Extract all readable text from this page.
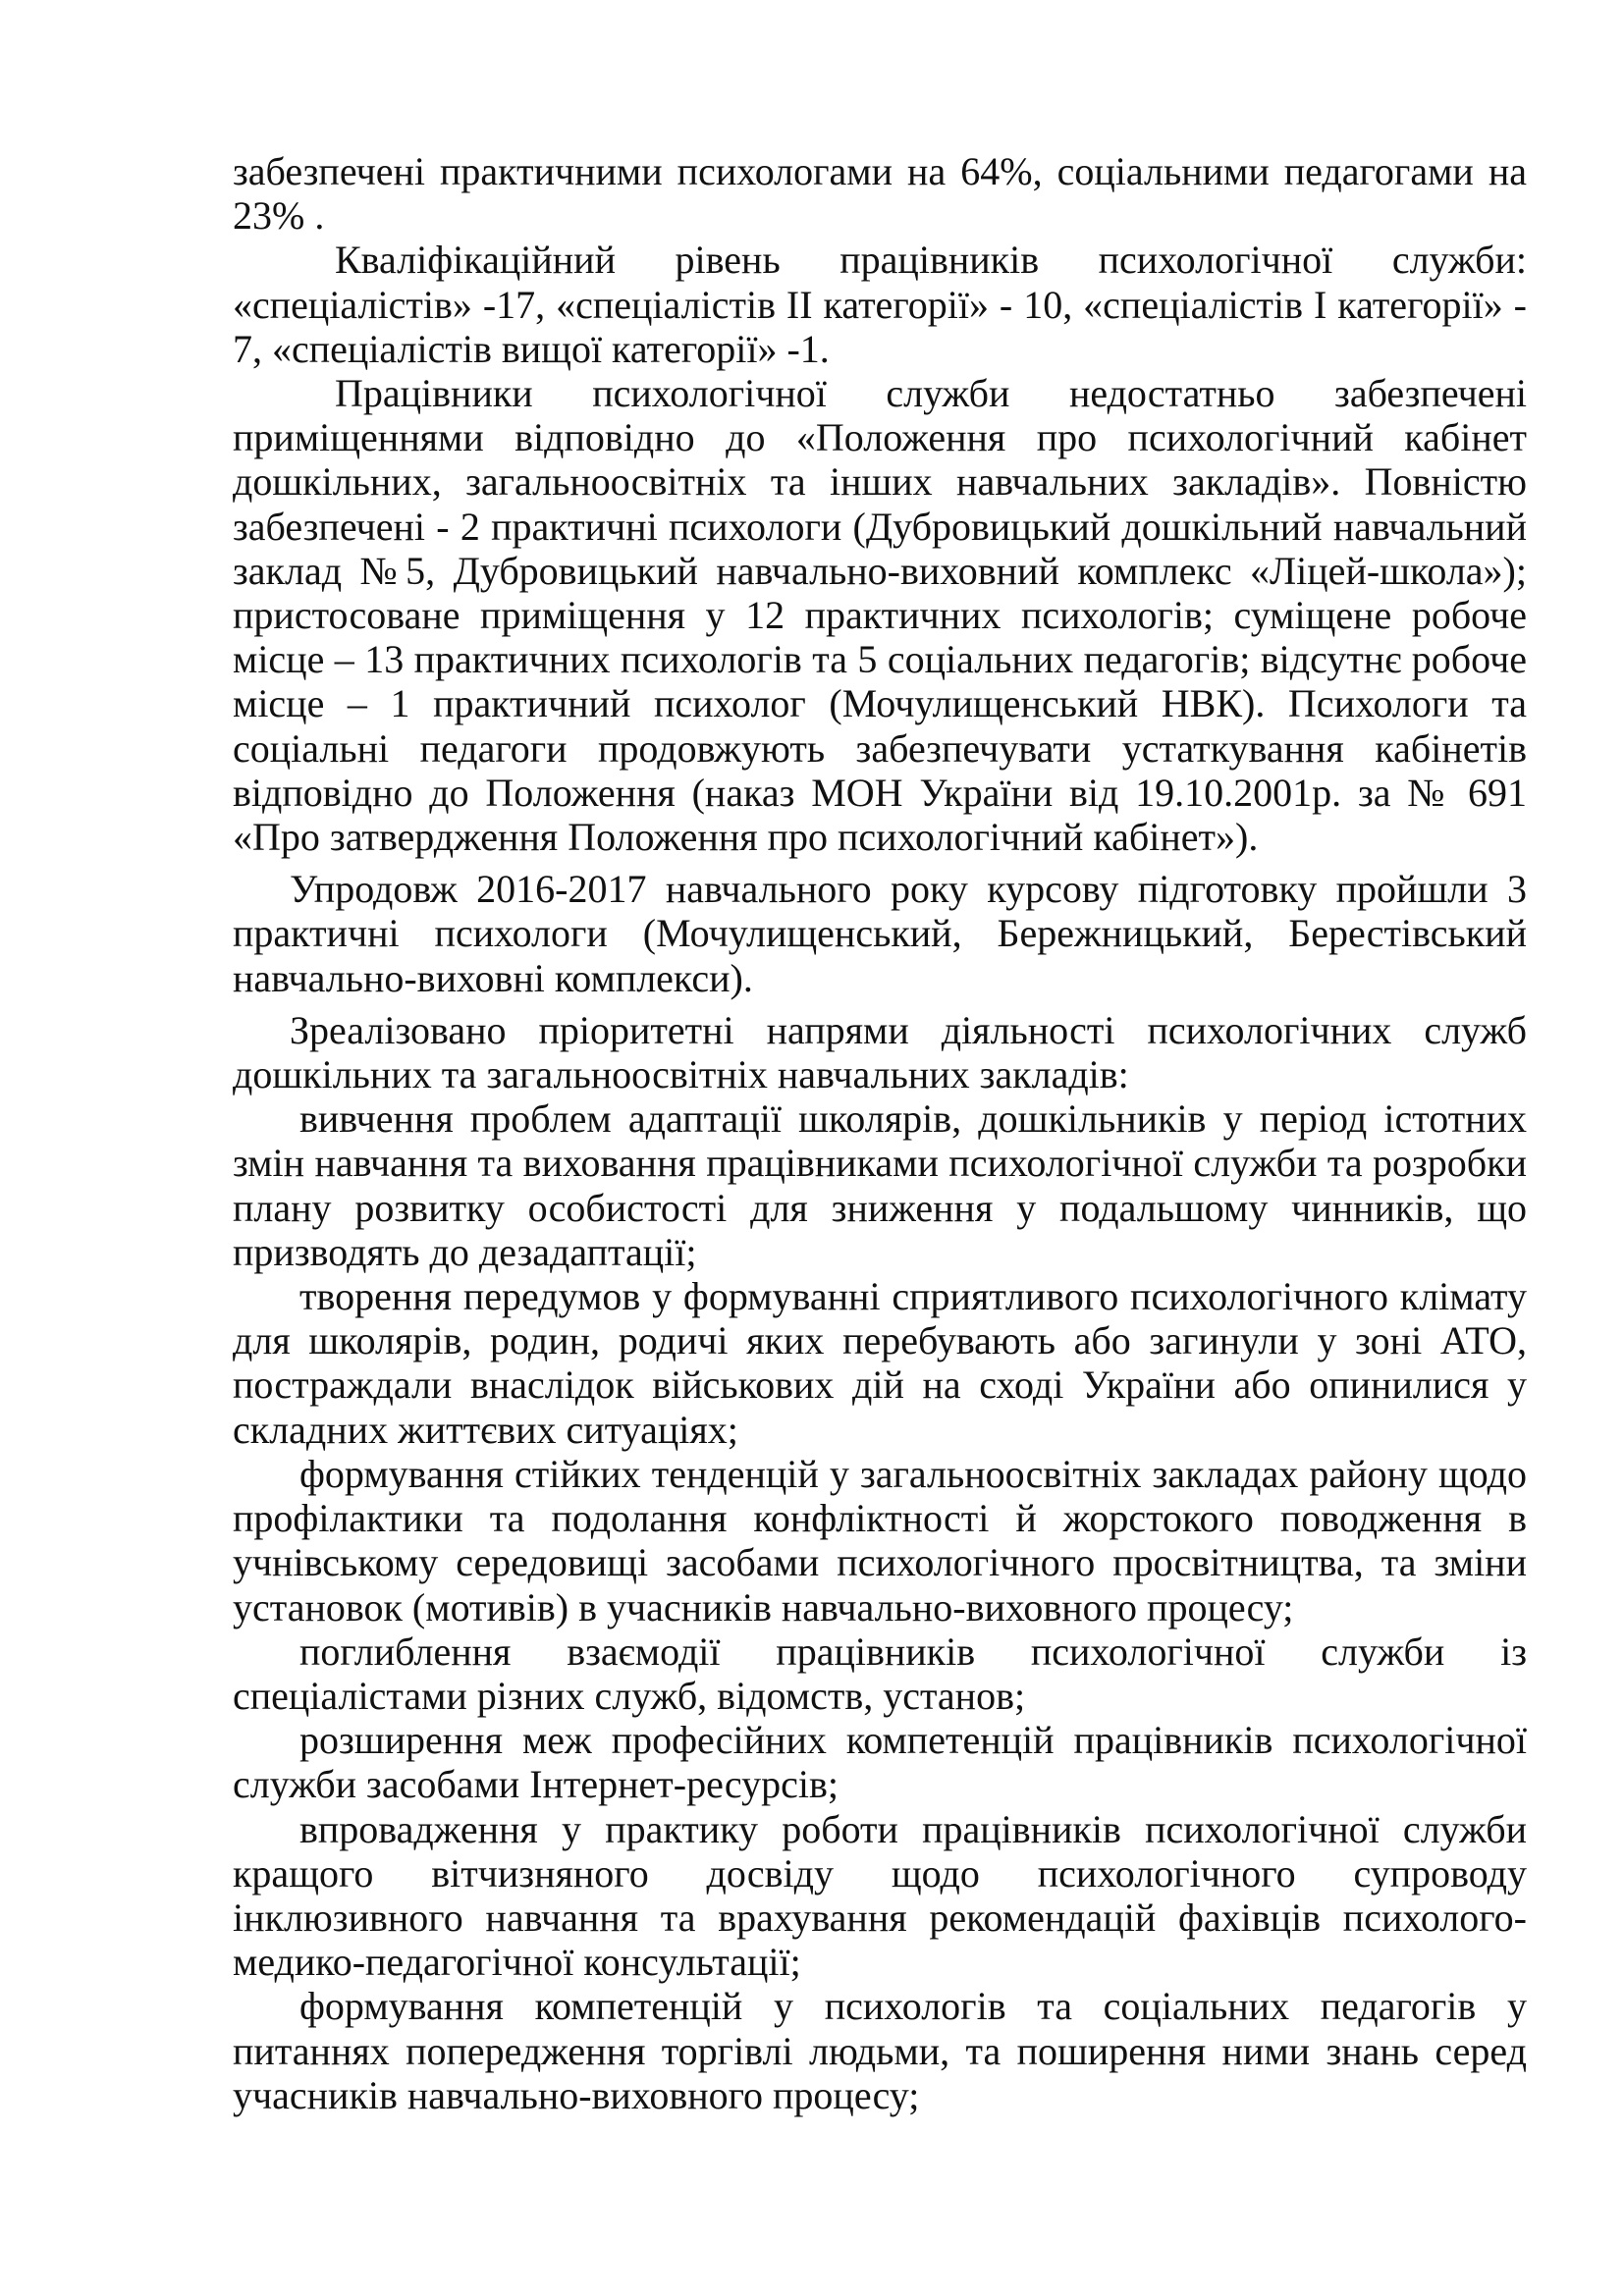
забезпечені практичними психологами на 64%, соціальними педагогами на 23% .

Кваліфікаційний рівень працівників психологічної служби: «спеціалістів» -17, «спеціалістів ІІ категорії» - 10, «спеціалістів І категорії» - 7, «спеціалістів вищої категорії» -1.

Працівники психологічної служби недостатньо забезпечені приміщеннями відповідно до «Положення про психологічний кабінет дошкільних, загальноосвітніх та інших навчальних закладів». Повністю забезпечені - 2 практичні психологи (Дубровицький дошкільний навчальний заклад №5, Дубровицький навчально-виховний комплекс «Ліцей-школа»); пристосоване приміщення у 12 практичних психологів; суміщене робоче місце – 13 практичних психологів та 5 соціальних педагогів; відсутнє робоче місце – 1 практичний психолог (Мочулищенський НВК). Психологи та соціальні педагоги продовжують забезпечувати устаткування кабінетів відповідно до Положення (наказ МОН України від 19.10.2001р. за № 691 «Про затвердження Положення про психологічний кабінет»).

Упродовж 2016-2017 навчального року курсову підготовку пройшли 3 практичні психологи (Мочулищенський, Бережницький, Берестівський навчально-виховні комплекси).

Зреалізовано пріоритетні напрями діяльності психологічних служб дошкільних та загальноосвітніх навчальних закладів:

вивчення проблем адаптації школярів, дошкільників у період істотних змін навчання та виховання працівниками психологічної служби та розробки плану розвитку особистості для зниження у подальшому чинників, що призводять до дезадаптації;

творення передумов у формуванні сприятливого психологічного клімату для школярів, родин, родичі яких перебувають або загинули у зоні АТО, постраждали внаслідок військових дій на сході України або опинилися у складних життєвих ситуаціях;

формування стійких тенденцій у загальноосвітніх закладах району щодо профілактики та подолання конфліктності й жорстокого поводження в учнівському середовищі засобами психологічного просвітництва, та зміни установок (мотивів) в учасників навчально-виховного процесу;

поглиблення взаємодії працівників психологічної служби із спеціалістами різних служб, відомств, установ;

розширення меж професійних компетенцій працівників психологічної служби засобами Інтернет-ресурсів;

впровадження у практику роботи працівників психологічної служби кращого вітчизняного досвіду щодо психологічного супроводу інклюзивного навчання та врахування рекомендацій фахівців психолого-медико-педагогічної консультації;

формування компетенцій у психологів та соціальних педагогів у питаннях попередження торгівлі людьми, та поширення ними знань серед учасників навчально-виховного процесу;
